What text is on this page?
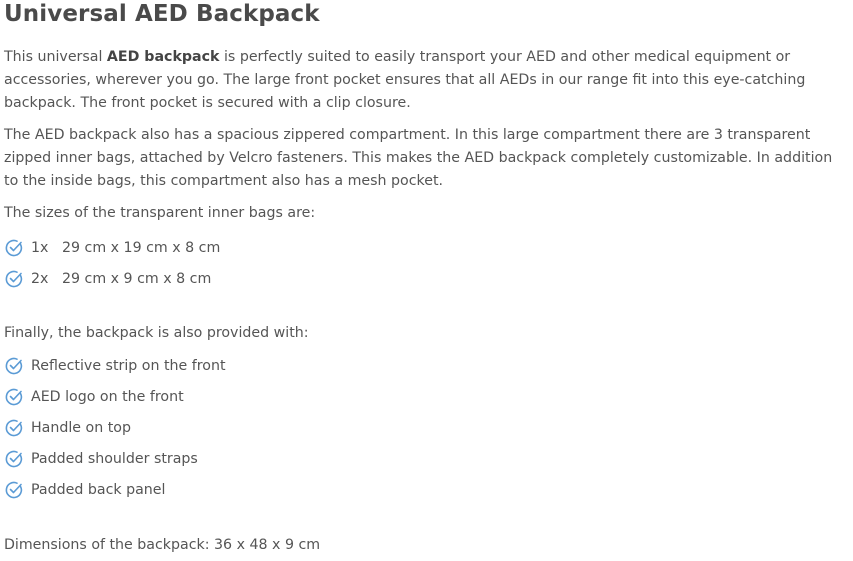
Universal AED Backpack

This universal AED backpack is perfectly suited to easily transport your AED and other medical equipment or accessories, wherever you go. The large front pocket ensures that all AEDs in our range fit into this eye-catching backpack. The front pocket is secured with a clip closure.

The AED backpack also has a spacious zippered compartment. In this large compartment there are 3 transparent zipped inner bags, attached by Velcro fasteners. This makes the AED backpack completely customizable. In addition to the inside bags, this compartment also has a mesh pocket.

The sizes of the transparent inner bags are:

1x   29 cm x 19 cm x 8 cm
2x   29 cm x 9 cm x 8 cm

Finally, the backpack is also provided with:

Reflective strip on the front
AED logo on the front
Handle on top
Padded shoulder straps
Padded back panel

Dimensions of the backpack: 36 x 48 x 9 cm
